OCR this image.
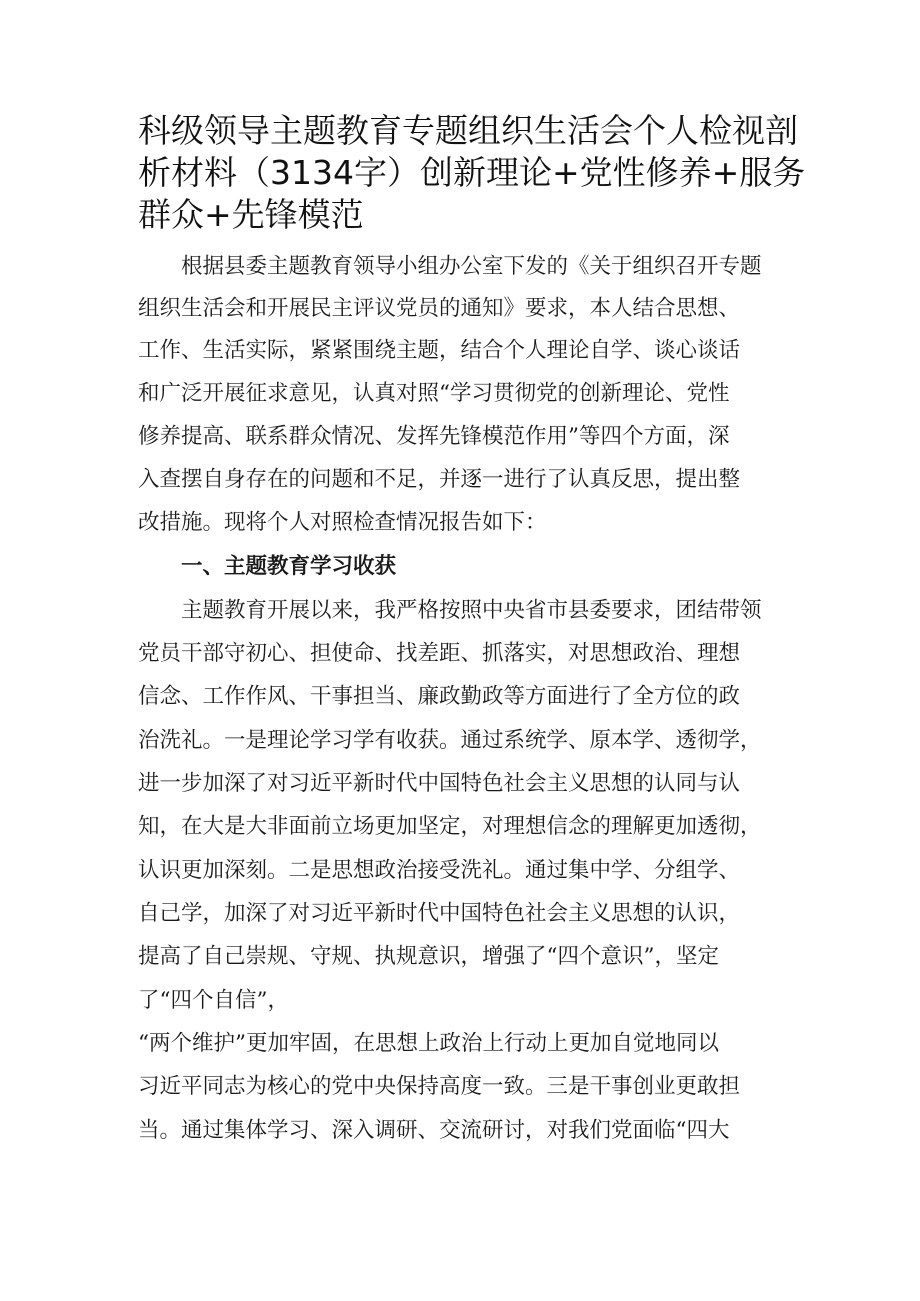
科级领导主题教育专题组织生活会个人检视剖
析材料（3134字）创新理论+党性修养+服务
群众+先锋模范
　　根据县委主题教育领导小组办公室下发的《关于组织召开专题
组织生活会和开展民主评议党员的通知》要求，本人结合思想、
工作、生活实际，紧紧围绕主题，结合个人理论自学、谈心谈话
和广泛开展征求意见，认真对照“学习贯彻党的创新理论、党性
修养提高、联系群众情况、发挥先锋模范作用”等四个方面，深
入查摆自身存在的问题和不足，并逐一进行了认真反思，提出整
改措施。现将个人对照检查情况报告如下：
　　一、主题教育学习收获
　　主题教育开展以来，我严格按照中央省市县委要求，团结带领
党员干部守初心、担使命、找差距、抓落实，对思想政治、理想
信念、工作作风、干事担当、廉政勤政等方面进行了全方位的政
治洗礼。一是理论学习学有收获。通过系统学、原本学、透彻学，
进一步加深了对习近平新时代中国特色社会主义思想的认同与认
知，在大是大非面前立场更加坚定，对理想信念的理解更加透彻，
认识更加深刻。二是思想政治接受洗礼。通过集中学、分组学、
自己学，加深了对习近平新时代中国特色社会主义思想的认识，
提高了自己崇规、守规、执规意识，增强了“四个意识”，坚定
了“四个自信”，
“两个维护”更加牢固，在思想上政治上行动上更加自觉地同以
习近平同志为核心的党中央保持高度一致。三是干事创业更敢担
当。通过集体学习、深入调研、交流研讨，对我们党面临“四大
